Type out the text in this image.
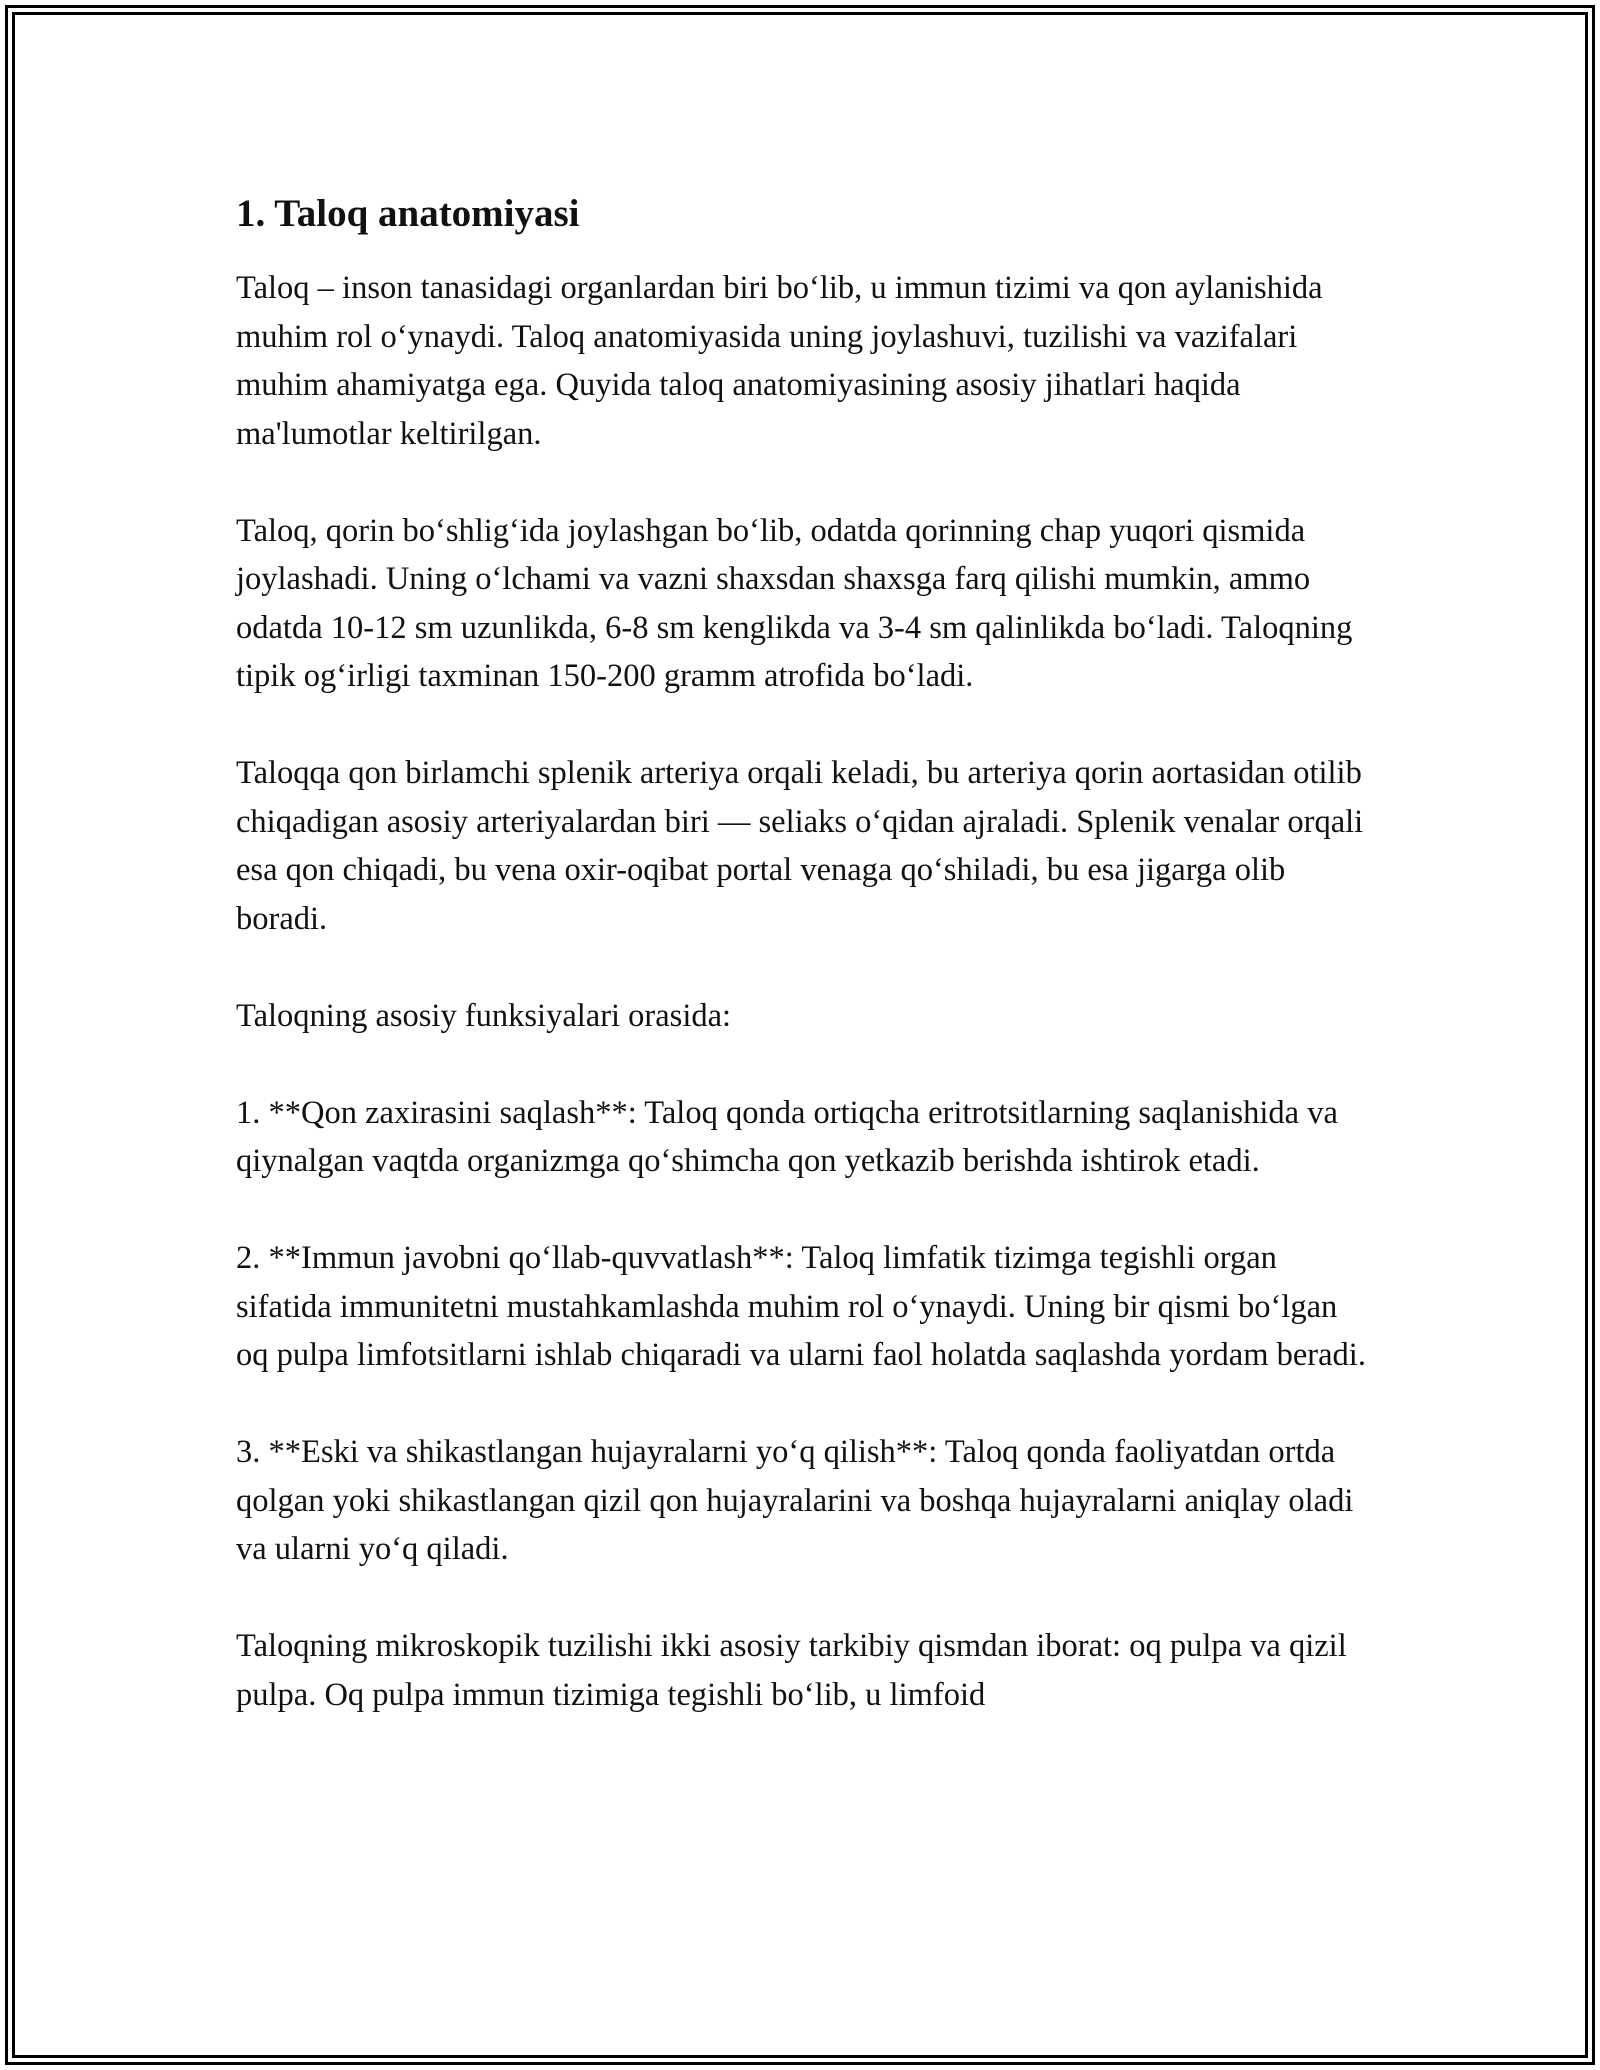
1. Taloq anatomiyasi

Taloq – inson tanasidagi organlardan biri bo‘lib, u immun tizimi va qon aylanishida muhim rol o‘ynaydi. Taloq anatomiyasida uning joylashuvi, tuzilishi va vazifalari muhim ahamiyatga ega. Quyida taloq anatomiyasining asosiy jihatlari haqida ma'lumotlar keltirilgan.

Taloq, qorin bo‘shlig‘ida joylashgan bo‘lib, odatda qorinning chap yuqori qismida joylashadi. Uning o‘lchami va vazni shaxsdan shaxsga farq qilishi mumkin, ammo odatda 10-12 sm uzunlikda, 6-8 sm kenglikda va 3-4 sm qalinlikda bo‘ladi. Taloqning tipik og‘irligi taxminan 150-200 gramm atrofida bo‘ladi.

Taloqqa qon birlamchi splenik arteriya orqali keladi, bu arteriya qorin aortasidan otilib chiqadigan asosiy arteriyalardan biri — seliaks o‘qidan ajraladi. Splenik venalar orqali esa qon chiqadi, bu vena oxir-oqibat portal venaga qo‘shiladi, bu esa jigarga olib boradi.

Taloqning asosiy funksiyalari orasida:

1. **Qon zaxirasini saqlash**: Taloq qonda ortiqcha eritrotsitlarning saqlanishida va qiynalgan vaqtda organizmga qo‘shimcha qon yetkazib berishda ishtirok etadi.

2. **Immun javobni qo‘llab-quvvatlash**: Taloq limfatik tizimga tegishli organ sifatida immunitetni mustahkamlashda muhim rol o‘ynaydi. Uning bir qismi bo‘lgan oq pulpa limfotsitlarni ishlab chiqaradi va ularni faol holatda saqlashda yordam beradi.

3. **Eski va shikastlangan hujayralarni yo‘q qilish**: Taloq qonda faoliyatdan ortda qolgan yoki shikastlangan qizil qon hujayralarini va boshqa hujayralarni aniqlay oladi va ularni yo‘q qiladi.

Taloqning mikroskopik tuzilishi ikki asosiy tarkibiy qismdan iborat: oq pulpa va qizil pulpa. Oq pulpa immun tizimiga tegishli bo‘lib, u limfoid
